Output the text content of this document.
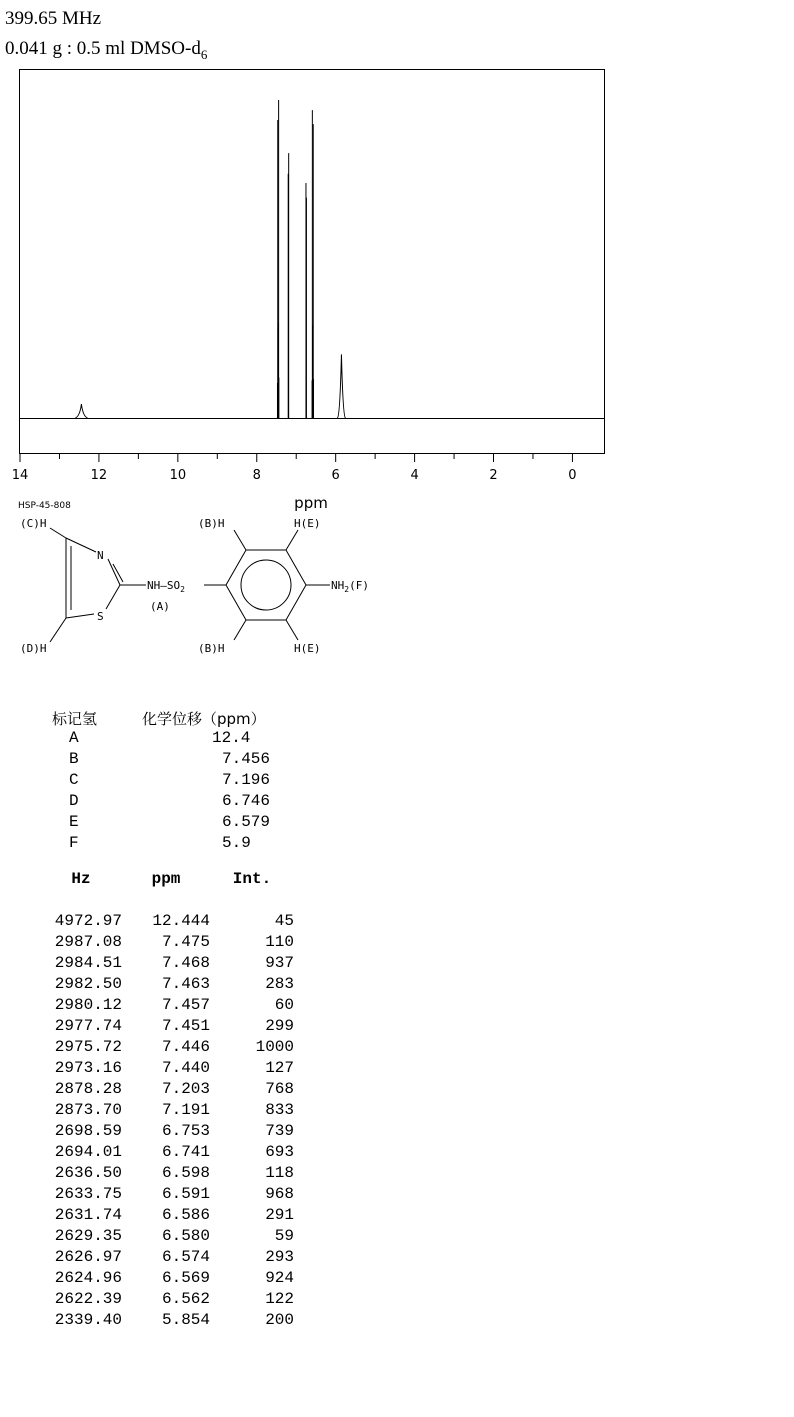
399.65 MHz
0.041 g : 0.5 ml DMSO-$d_6$
14	12	10	8	6	4	2	0
ppm
HSP-45-808
(C)H
(D)H
N
S
$NH—SO_2$
(A)
(B)H	H(E)
(B)H	H(E)
$NH_2(F)$
标记氢	化学位移（ppm）
A	12.4
B	7.456
C	7.196
D	6.746
E	6.579
F	5.9
Hz	ppm	Int.

4972.97	12.444	45
2987.08	7.475	110
2984.51	7.468	937
2982.50	7.463	283
2980.12	7.457	60
2977.74	7.451	299
2975.72	7.446	1000
2973.16	7.440	127
2878.28	7.203	768
2873.70	7.191	833
2698.59	6.753	739
2694.01	6.741	693
2636.50	6.598	118
2633.75	6.591	968
2631.74	6.586	291
2629.35	6.580	59
2626.97	6.574	293
2624.96	6.569	924
2622.39	6.562	122
2339.40	5.854	200
